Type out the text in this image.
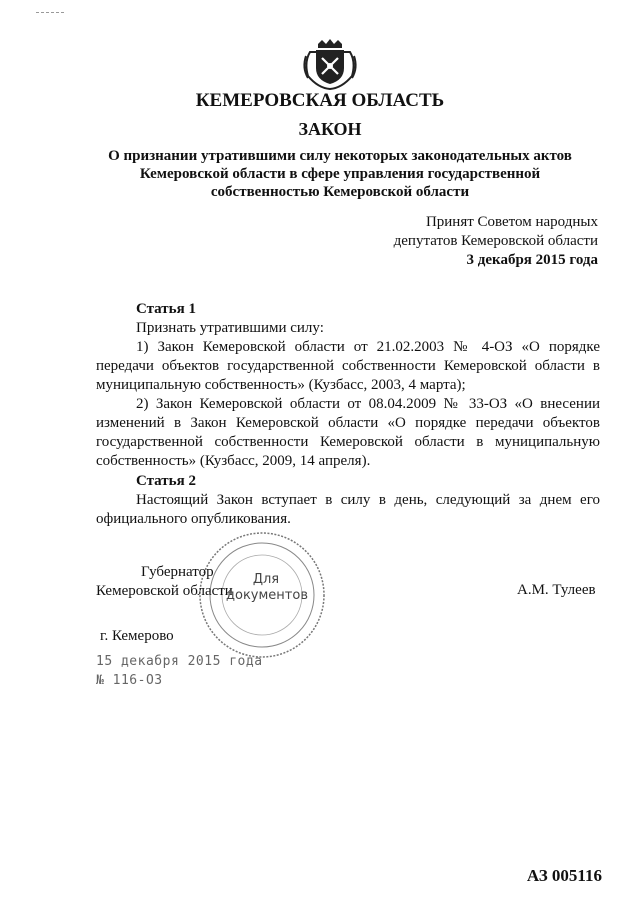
КЕМЕРОВСКАЯ ОБЛАСТЬ
ЗАКОН
О признании утратившими силу некоторых законодательных актов
Кемеровской области в сфере управления государственной
собственностью Кемеровской области
Принят Советом народных
депутатов Кемеровской области
3 декабря 2015 года
Статья 1
Признать утратившими силу:
1) Закон Кемеровской области от 21.02.2003 № 4-ОЗ «О порядке передачи объектов государственной собственности Кемеровской области в муниципальную собственность» (Кузбасс, 2003, 4 марта);
2) Закон Кемеровской области от 08.04.2009 № 33-ОЗ «О внесении изменений в Закон Кемеровской области «О порядке передачи объектов государственной собственности Кемеровской области в муниципальную собственность» (Кузбасс, 2009, 14 апреля).
Статья 2
Настоящий Закон вступает в силу в день, следующий за днем его официального опубликования.
Губернатор
Кемеровской области
Для
документов	А.М. Тулеев
г. Кемерово
15 декабря 2015 года
№ 116-ОЗ
АЗ 005116
